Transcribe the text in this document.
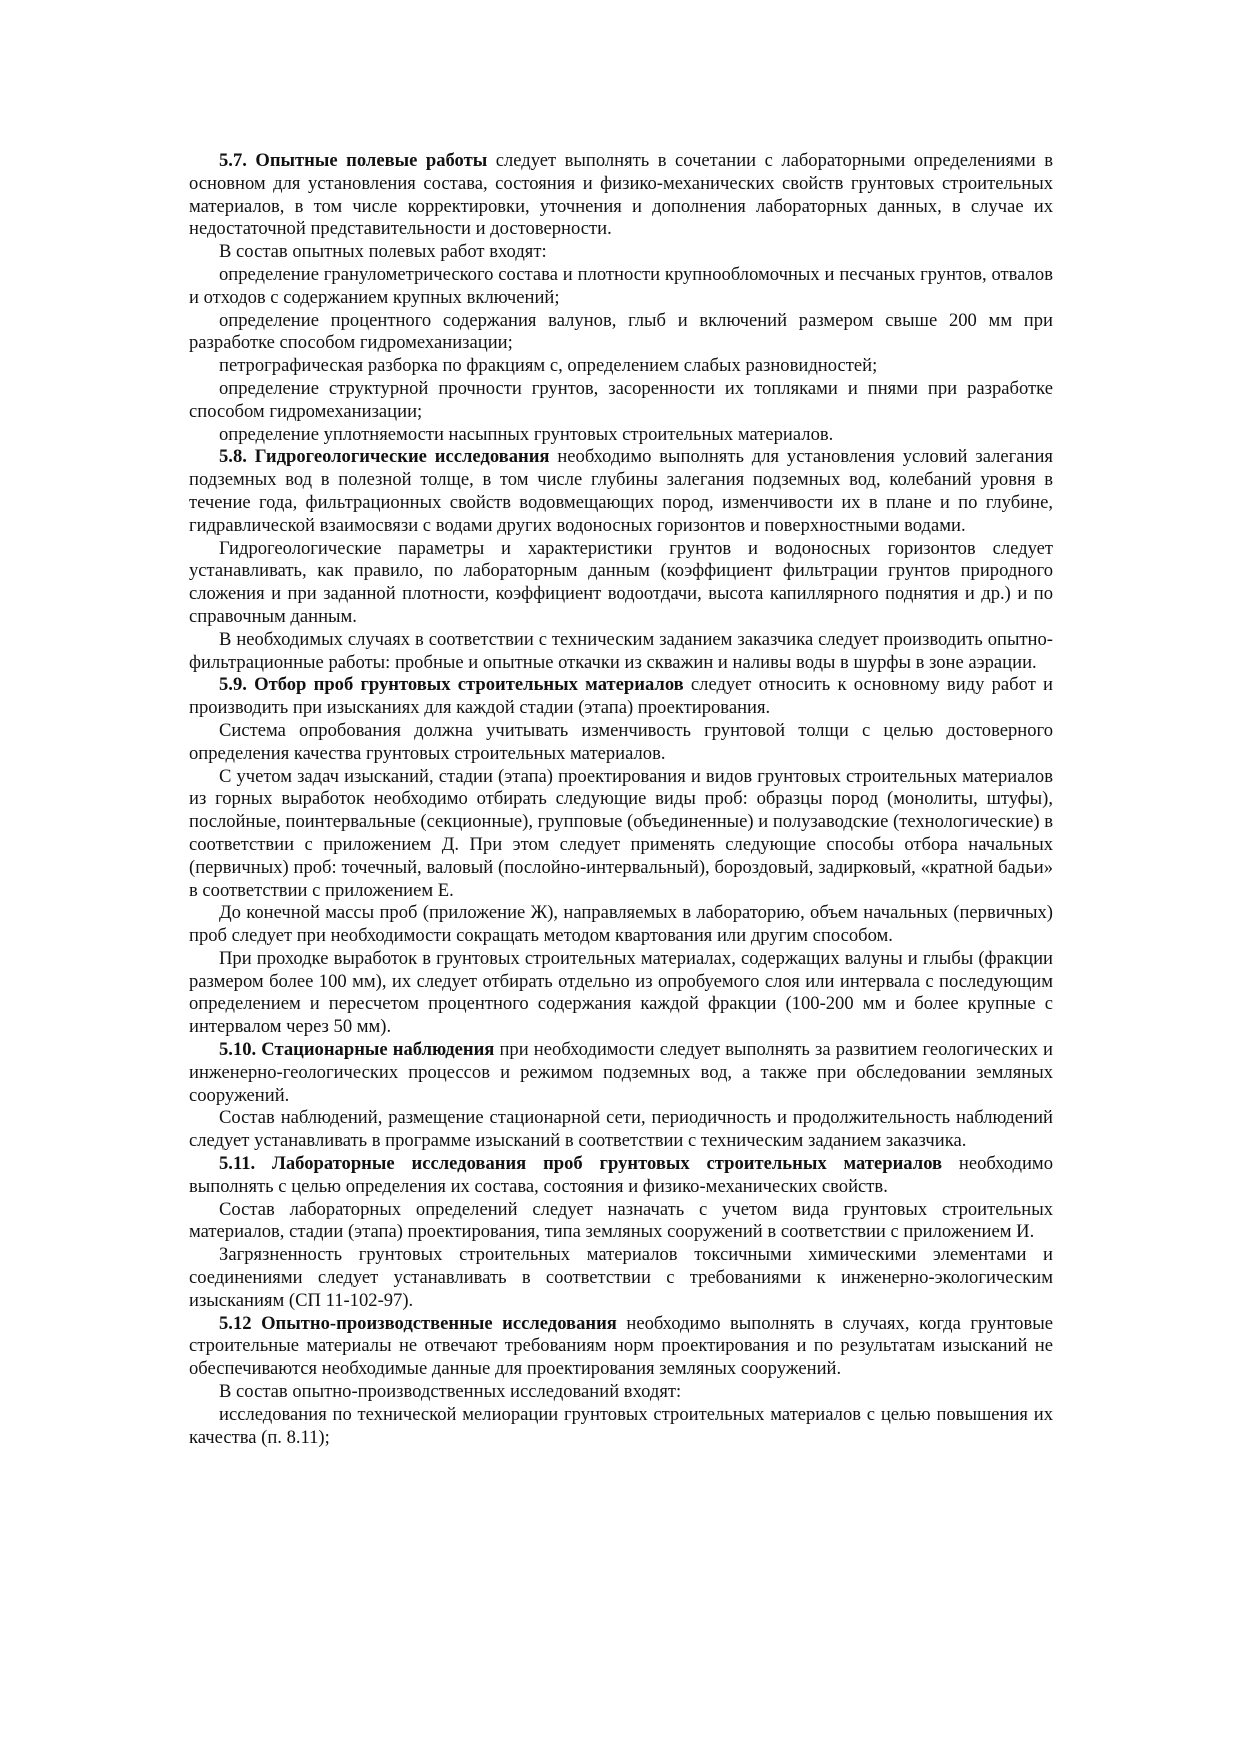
5.7. Опытные полевые работы следует выполнять в сочетании с лабораторными определениями в основном для установления состава, состояния и физико-механических свойств грунтовых строительных материалов, в том числе корректировки, уточнения и дополнения лабораторных данных, в случае их недостаточной представительности и достоверности.

В состав опытных полевых работ входят:

определение гранулометрического состава и плотности крупнообломочных и песчаных грунтов, отвалов и отходов с содержанием крупных включений;

определение процентного содержания валунов, глыб и включений размером свыше 200 мм при разработке способом гидромеханизации;

петрографическая разборка по фракциям с, определением слабых разновидностей;

определение структурной прочности грунтов, засоренности их топляками и пнями при разработке способом гидромеханизации;

определение уплотняемости насыпных грунтовых строительных материалов.

5.8. Гидрогеологические исследования необходимо выполнять для установления условий залегания подземных вод в полезной толще, в том числе глубины залегания подземных вод, колебаний уровня в течение года, фильтрационных свойств водовмещающих пород, изменчивости их в плане и по глубине, гидравлической взаимосвязи с водами других водоносных горизонтов и поверхностными водами.

Гидрогеологические параметры и характеристики грунтов и водоносных горизонтов следует устанавливать, как правило, по лабораторным данным (коэффициент фильтрации грунтов природного сложения и при заданной плотности, коэффициент водоотдачи, высота капиллярного поднятия и др.) и по справочным данным.

В необходимых случаях в соответствии с техническим заданием заказчика следует производить опытно-фильтрационные работы: пробные и опытные откачки из скважин и наливы воды в шурфы в зоне аэрации.

5.9. Отбор проб грунтовых строительных материалов следует относить к основному виду работ и производить при изысканиях для каждой стадии (этапа) проектирования.

Система опробования должна учитывать изменчивость грунтовой толщи с целью достоверного определения качества грунтовых строительных материалов.

С учетом задач изысканий, стадии (этапа) проектирования и видов грунтовых строительных материалов из горных выработок необходимо отбирать следующие виды проб: образцы пород (монолиты, штуфы), послойные, поинтервальные (секционные), групповые (объединенные) и полузаводские (технологические) в соответствии с приложением Д. При этом следует применять следующие способы отбора начальных (первичных) проб: точечный, валовый (послойно-интервальный), бороздовый, задирковый, «кратной бадьи» в соответствии с приложением Е.

До конечной массы проб (приложение Ж), направляемых в лабораторию, объем начальных (первичных) проб следует при необходимости сокращать методом квартования или другим способом.

При проходке выработок в грунтовых строительных материалах, содержащих валуны и глыбы (фракции размером более 100 мм), их следует отбирать отдельно из опробуемого слоя или интервала с последующим определением и пересчетом процентного содержания каждой фракции (100-200 мм и более крупные с интервалом через 50 мм).

5.10. Стационарные наблюдения при необходимости следует выполнять за развитием геологических и инженерно-геологических процессов и режимом подземных вод, а также при обследовании земляных сооружений.

Состав наблюдений, размещение стационарной сети, периодичность и продолжительность наблюдений следует устанавливать в программе изысканий в соответствии с техническим заданием заказчика.

5.11. Лабораторные исследования проб грунтовых строительных материалов необходимо выполнять с целью определения их состава, состояния и физико-механических свойств.

Состав лабораторных определений следует назначать с учетом вида грунтовых строительных материалов, стадии (этапа) проектирования, типа земляных сооружений в соответствии с приложением И.

Загрязненность грунтовых строительных материалов токсичными химическими элементами и соединениями следует устанавливать в соответствии с требованиями к инженерно-экологическим изысканиям (СП 11-102-97).

5.12 Опытно-производственные исследования необходимо выполнять в случаях, когда грунтовые строительные материалы не отвечают требованиям норм проектирования и по результатам изысканий не обеспечиваются необходимые данные для проектирования земляных сооружений.

В состав опытно-производственных исследований входят:

исследования по технической мелиорации грунтовых строительных материалов с целью повышения их качества (п. 8.11);
